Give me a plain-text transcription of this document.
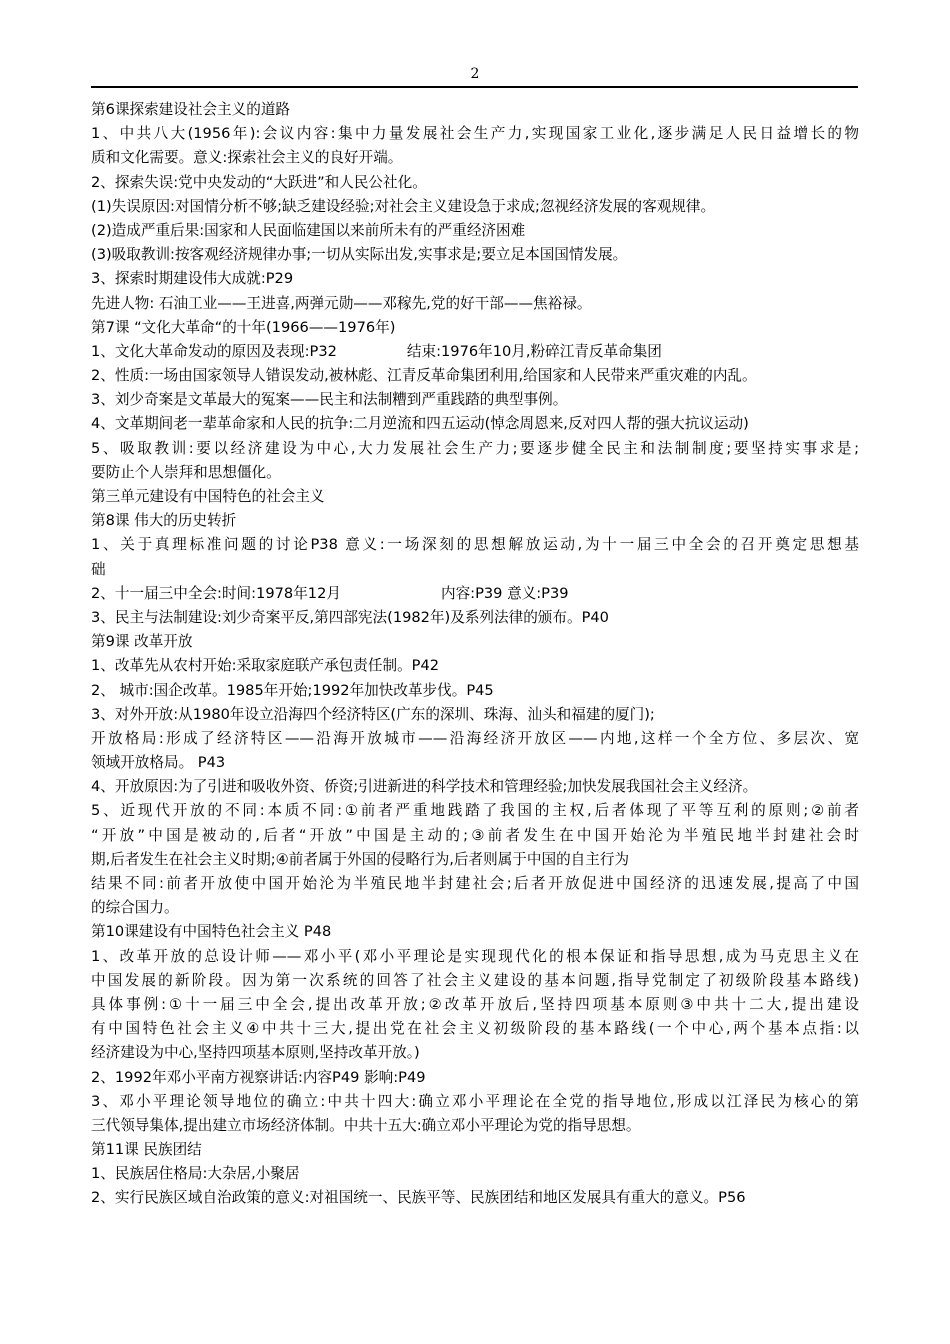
2
第6课探索建设社会主义的道路
1、中共八大(1956年):会议内容:集中力量发展社会生产力,实现国家工业化,逐步满足人民日益增长的物
质和文化需要。意义:探索社会主义的良好开端。
2、探索失误:党中央发动的“大跃进”和人民公社化。
(1)失误原因:对国情分析不够;缺乏建设经验;对社会主义建设急于求成;忽视经济发展的客观规律。
(2)造成严重后果:国家和人民面临建国以来前所未有的严重经济困难
(3)吸取教训:按客观经济规律办事;一切从实际出发,实事求是;要立足本国国情发展。
3、探索时期建设伟大成就:P29
先进人物: 石油工业——王进喜,两弹元勋——邓稼先,党的好干部——焦裕禄。
第7课 “文化大革命“的十年(1966——1976年)
1、文化大革命发动的原因及表现:P32	结束:1976年10月,粉碎江青反革命集团
2、性质:一场由国家领导人错误发动,被林彪、江青反革命集团利用,给国家和人民带来严重灾难的内乱。
3、刘少奇案是文革最大的冤案——民主和法制糟到严重践踏的典型事例。
4、文革期间老一辈革命家和人民的抗争:二月逆流和四五运动(悼念周恩来,反对四人帮的强大抗议运动)
5、吸取教训:要以经济建设为中心,大力发展社会生产力;要逐步健全民主和法制制度;要坚持实事求是;
要防止个人崇拜和思想僵化。
第三单元建设有中国特色的社会主义
第8课 伟大的历史转折
1、关于真理标准问题的讨论P38 意义:一场深刻的思想解放运动,为十一届三中全会的召开奠定思想基
础
2、十一届三中全会:时间:1978年12月	内容:P39 意义:P39
3、民主与法制建设:刘少奇案平反,第四部宪法(1982年)及系列法律的颁布。P40
第9课 改革开放
1、改革先从农村开始:采取家庭联产承包责任制。P42
2、 城市:国企改革。1985年开始;1992年加快改革步伐。P45
3、对外开放:从1980年设立沿海四个经济特区(广东的深圳、珠海、汕头和福建的厦门);
开放格局:形成了经济特区——沿海开放城市——沿海经济开放区——内地,这样一个全方位、多层次、宽
领域开放格局。 P43
4、开放原因:为了引进和吸收外资、侨资;引进新进的科学技术和管理经验;加快发展我国社会主义经济。
5、近现代开放的不同:本质不同:①前者严重地践踏了我国的主权,后者体现了平等互利的原则;②前者
“开放”中国是被动的,后者“开放”中国是主动的;③前者发生在中国开始沦为半殖民地半封建社会时
期,后者发生在社会主义时期;④前者属于外国的侵略行为,后者则属于中国的自主行为
结果不同:前者开放使中国开始沦为半殖民地半封建社会;后者开放促进中国经济的迅速发展,提高了中国
的综合国力。
第10课建设有中国特色社会主义 P48
1、改革开放的总设计师——邓小平(邓小平理论是实现现代化的根本保证和指导思想,成为马克思主义在
中国发展的新阶段。因为第一次系统的回答了社会主义建设的基本问题,指导党制定了初级阶段基本路线)
具体事例:①十一届三中全会,提出改革开放;②改革开放后,坚持四项基本原则③中共十二大,提出建设
有中国特色社会主义④中共十三大,提出党在社会主义初级阶段的基本路线(一个中心,两个基本点指:以
经济建设为中心,坚持四项基本原则,坚持改革开放。)
2、1992年邓小平南方视察讲话:内容P49 影响:P49
3、邓小平理论领导地位的确立:中共十四大:确立邓小平理论在全党的指导地位,形成以江泽民为核心的第
三代领导集体,提出建立市场经济体制。中共十五大:确立邓小平理论为党的指导思想。
第11课 民族团结
1、民族居住格局:大杂居,小聚居
2、实行民族区域自治政策的意义:对祖国统一、民族平等、民族团结和地区发展具有重大的意义。P56
